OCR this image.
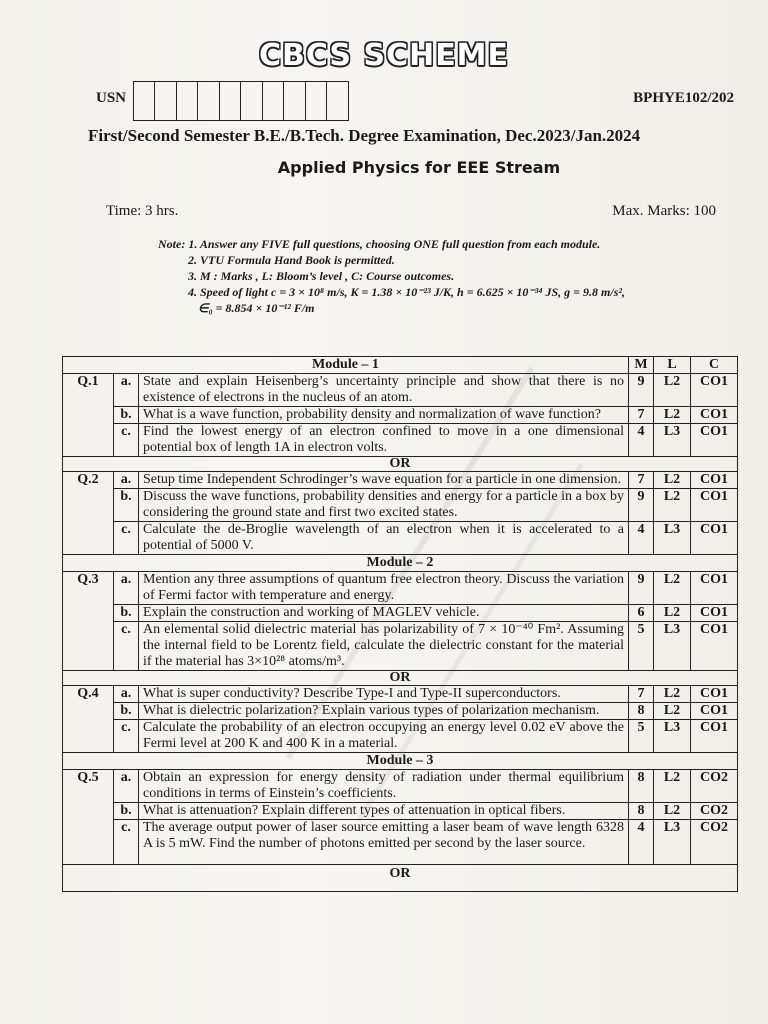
CBCS SCHEME
USN	BPHYE102/202
First/Second Semester B.E./B.Tech. Degree Examination, Dec.2023/Jan.2024
Applied Physics for EEE Stream
Time: 3 hrs.	Max. Marks: 100
Note: 1. Answer any FIVE full questions, choosing ONE full question from each module.
2. VTU Formula Hand Book is permitted.
3. M : Marks , L: Bloom’s level , C: Course outcomes.
4. Speed of light c = 3 × 10⁸ m/s, K = 1.38 × 10⁻²³ J/K, h = 6.625 × 10⁻³⁴ JS, g = 9.8 m/s²,
∈₀ = 8.854 × 10⁻¹² F/m
Module – 1			M	L	C
Q.1	a.	State and explain Heisenberg’s uncertainty principle and show that there is no existence of electrons in the nucleus of an atom.	9	L2	CO1
	b.	What is a wave function, probability density and normalization of wave function?	7	L2	CO1
	c.	Find the lowest energy of an electron confined to move in a one dimensional potential box of length 1A in electron volts.	4	L3	CO1
OR					
Q.2	a.	Setup time Independent Schrodinger’s wave equation for a particle in one dimension.	7	L2	CO1
	b.	Discuss the wave functions, probability densities and energy for a particle in a box by considering the ground state and first two excited states.	9	L2	CO1
	c.	Calculate the de-Broglie wavelength of an electron when it is accelerated to a potential of 5000 V.	4	L3	CO1
Module – 2					
Q.3	a.	Mention any three assumptions of quantum free electron theory. Discuss the variation of Fermi factor with temperature and energy.	9	L2	CO1
	b.	Explain the construction and working of MAGLEV vehicle.	6	L2	CO1
	c.	An elemental solid dielectric material has polarizability of 7 × 10⁻⁴⁰ Fm². Assuming the internal field to be Lorentz field, calculate the dielectric constant for the material if the material has 3×10²⁸ atoms/m³.	5	L3	CO1
OR					
Q.4	a.	What is super conductivity? Describe Type-I and Type-II superconductors.	7	L2	CO1
	b.	What is dielectric polarization? Explain various types of polarization mechanism.	8	L2	CO1
	c.	Calculate the probability of an electron occupying an energy level 0.02 eV above the Fermi level at 200 K and 400 K in a material.	5	L3	CO1
Module – 3					
Q.5	a.	Obtain an expression for energy density of radiation under thermal equilibrium conditions in terms of Einstein’s coefficients.	8	L2	CO2
	b.	What is attenuation? Explain different types of attenuation in optical fibers.	8	L2	CO2
	c.	The average output power of laser source emitting a laser beam of wave length 6328 A is 5 mW. Find the number of photons emitted per second by the laser source.	4	L3	CO2
OR					
